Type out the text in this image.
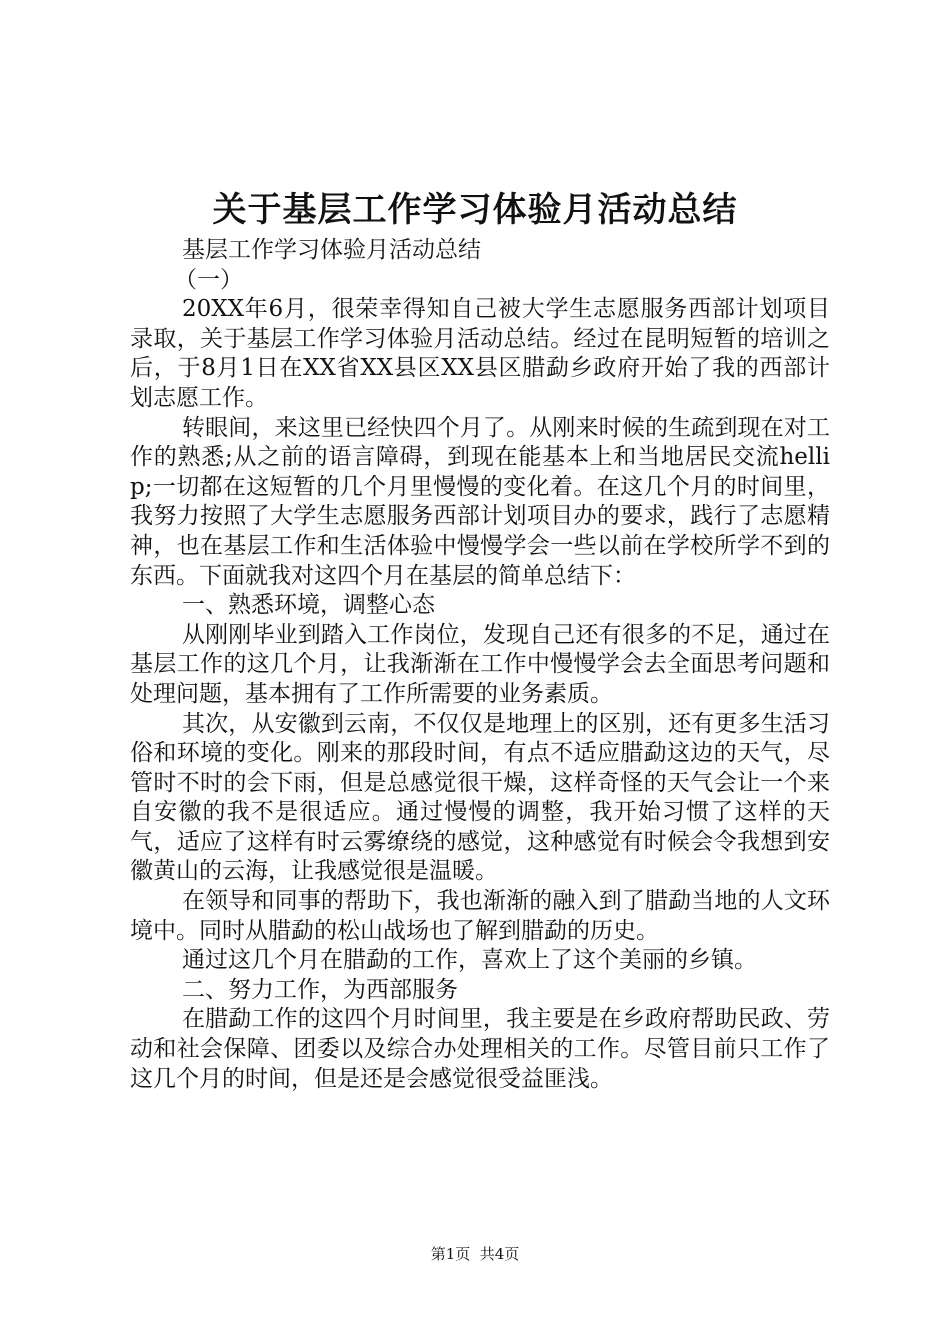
关于基层工作学习体验月活动总结

基层工作学习体验月活动总结

（一）

20XX年6月，很荣幸得知自己被大学生志愿服务西部计划项目录取，关于基层工作学习体验月活动总结。经过在昆明短暂的培训之后，于8月1日在XX省XX县区XX县区腊勐乡政府开始了我的西部计划志愿工作。

转眼间，来这里已经快四个月了。从刚来时候的生疏到现在对工作的熟悉;从之前的语言障碍，到现在能基本上和当地居民交流hellip;一切都在这短暂的几个月里慢慢的变化着。在这几个月的时间里，我努力按照了大学生志愿服务西部计划项目办的要求，践行了志愿精神，也在基层工作和生活体验中慢慢学会一些以前在学校所学不到的东西。下面就我对这四个月在基层的简单总结下：

一、熟悉环境，调整心态

从刚刚毕业到踏入工作岗位，发现自己还有很多的不足，通过在基层工作的这几个月，让我渐渐在工作中慢慢学会去全面思考问题和处理问题，基本拥有了工作所需要的业务素质。

其次，从安徽到云南，不仅仅是地理上的区别，还有更多生活习俗和环境的变化。刚来的那段时间，有点不适应腊勐这边的天气，尽管时不时的会下雨，但是总感觉很干燥，这样奇怪的天气会让一个来自安徽的我不是很适应。通过慢慢的调整，我开始习惯了这样的天气，适应了这样有时云雾缭绕的感觉，这种感觉有时候会令我想到安徽黄山的云海，让我感觉很是温暖。

在领导和同事的帮助下，我也渐渐的融入到了腊勐当地的人文环境中。同时从腊勐的松山战场也了解到腊勐的历史。

通过这几个月在腊勐的工作，喜欢上了这个美丽的乡镇。

二、努力工作，为西部服务

在腊勐工作的这四个月时间里，我主要是在乡政府帮助民政、劳动和社会保障、团委以及综合办处理相关的工作。尽管目前只工作了这几个月的时间，但是还是会感觉很受益匪浅。

第1页  共4页
